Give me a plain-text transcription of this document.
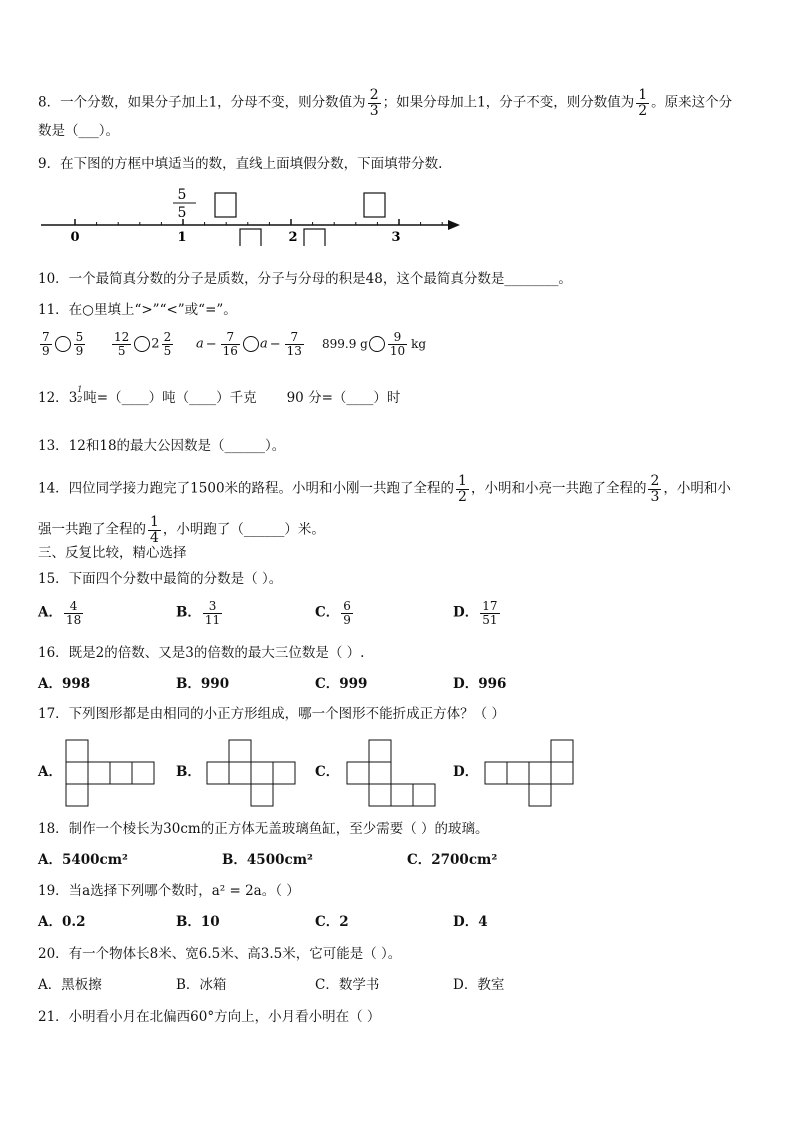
8．一个分数，如果分子加上1，分母不变，则分数值为 $\frac{2}{3}$ ；如果分母加上1，分子不变，则分数值为 $\frac{1}{2}$ 。原来这个分
数是（___）。
9．在下图的方框中填适当的数，直线上面填假分数，下面填带分数.
5
5
0	1	2	3
10．一个最简真分数的分子是质数，分子与分母的积是48，这个最简真分数是________。
11．在○里填上“>”“<”或“=”。
$\frac{7}{9} \frac{5}{9} \frac{12}{5} 2 \frac{2}{5}$ $a - \frac{7}{16}$ $a - \frac{7}{13} 899.9$ g $\frac{9}{10}$ kg
12．3
1
2 吨=（____）吨（____）千克 90 分=（____）时
13．12和18的最大公因数是（______）。
14．四位同学接力跑完了1500米的路程。小明和小刚一共跑了全程的 $\frac{1}{2}$ ，小明和小亮一共跑了全程的 $\frac{2}{3}$ ，小明和小
强一共跑了全程的 $\frac{1}{4}$ ，小明跑了（______）米。
三、反复比较，精心选择
15．下面四个分数中最简的分数是（ ）。
A． $\frac{4}{18}$	B． $\frac{3}{11}$	C． $\frac{6}{9}$	D． $\frac{17}{51}$
16．既是2的倍数、又是3的倍数的最大三位数是（ ）.
A．998	B．990	C．999	D．996
17．下列图形都是由相同的小正方形组成，哪一个图形不能折成正方体？（ ）
A．	B．	C．	D．
18．制作一个棱长为30cm的正方体无盖玻璃鱼缸，至少需要（ ）的玻璃。
A．5400cm²	B．4500cm²	C．2700cm²
19．当a选择下列哪个数时，a² = 2a。（ ）
A．0.2	B．10	C．2	D．4
20．有一个物体长8米、宽6.5米、高3.5米，它可能是（ ）。
A．黑板擦	B．冰箱	C．数学书	D．教室
21．小明看小月在北偏西60°方向上，小月看小明在（ ）
